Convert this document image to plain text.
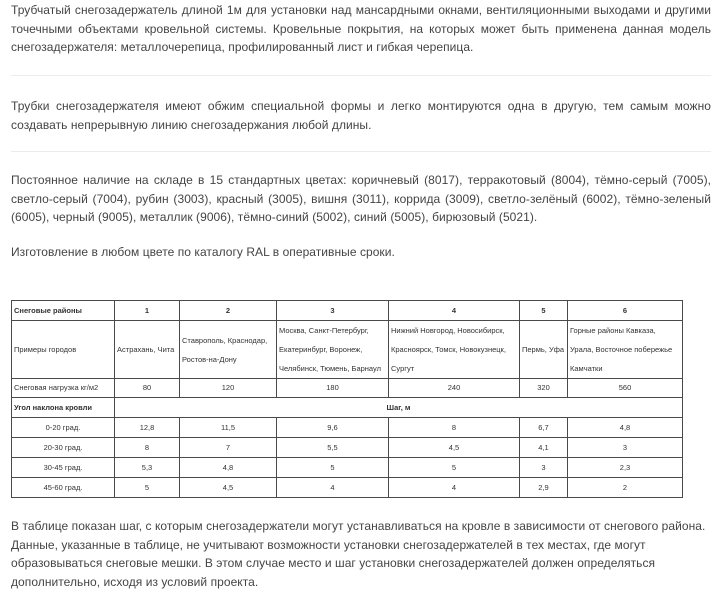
Трубчатый снегозадержатель длиной 1м для установки над мансардными окнами, вентиляционными выходами и другими точечными объектами кровельной системы. Кровельные покрытия, на которых может быть применена данная модель снегозадержателя: металлочерепица, профилированный лист и гибкая черепица.

Трубки снегозадержателя имеют обжим специальной формы и легко монтируются одна в другую, тем самым можно создавать непрерывную линию снегозадержания любой длины.

Постоянное наличие на складе в 15 стандартных цветах: коричневый (8017), терракотовый (8004), тёмно-серый (7005), светло-серый (7004), рубин (3003), красный (3005), вишня (3011), коррида (3009), светло-зелёный (6002), тёмно-зеленый (6005), черный (9005), металлик (9006), тёмно-синий (5002), синий (5005), бирюзовый (5021).

Изготовление в любом цвете по каталогу RAL в оперативные сроки.

Снеговые районы	1	2	3	4	5	6
Примеры городов	Астрахань, Чита	Ставрополь, Краснодар, Ростов-на-Дону	Москва, Санкт-Петербург, Екатеринбург, Воронеж, Челябинск, Тюмень, Барнаул	Нижний Новгород, Новосибирск, Красноярск, Томск, Новокузнецк, Сургут	Пермь, Уфа	Горные районы Кавказа, Урала, Восточное побережье Камчатки
Снеговая нагрузка кг/м2	80	120	180	240	320	560
Угол наклона кровли	Шаг, м					
0-20 град.	12,8	11,5	9,6	8	6,7	4,8
20-30 град.	8	7	5,5	4,5	4,1	3
30-45 град.	5,3	4,8	5	5	3	2,3
45-60 град.	5	4,5	4	4	2,9	2

В таблице показан шаг, с которым снегозадержатели могут устанавливаться на кровле в зависимости от снегового района. Данные, указанные в таблице, не учитывают возможности установки снегозадержателей в тех местах, где могут образовываться снеговые мешки. В этом случае место и шаг установки снегозадержателей должен определяться дополнительно, исходя из условий проекта.
